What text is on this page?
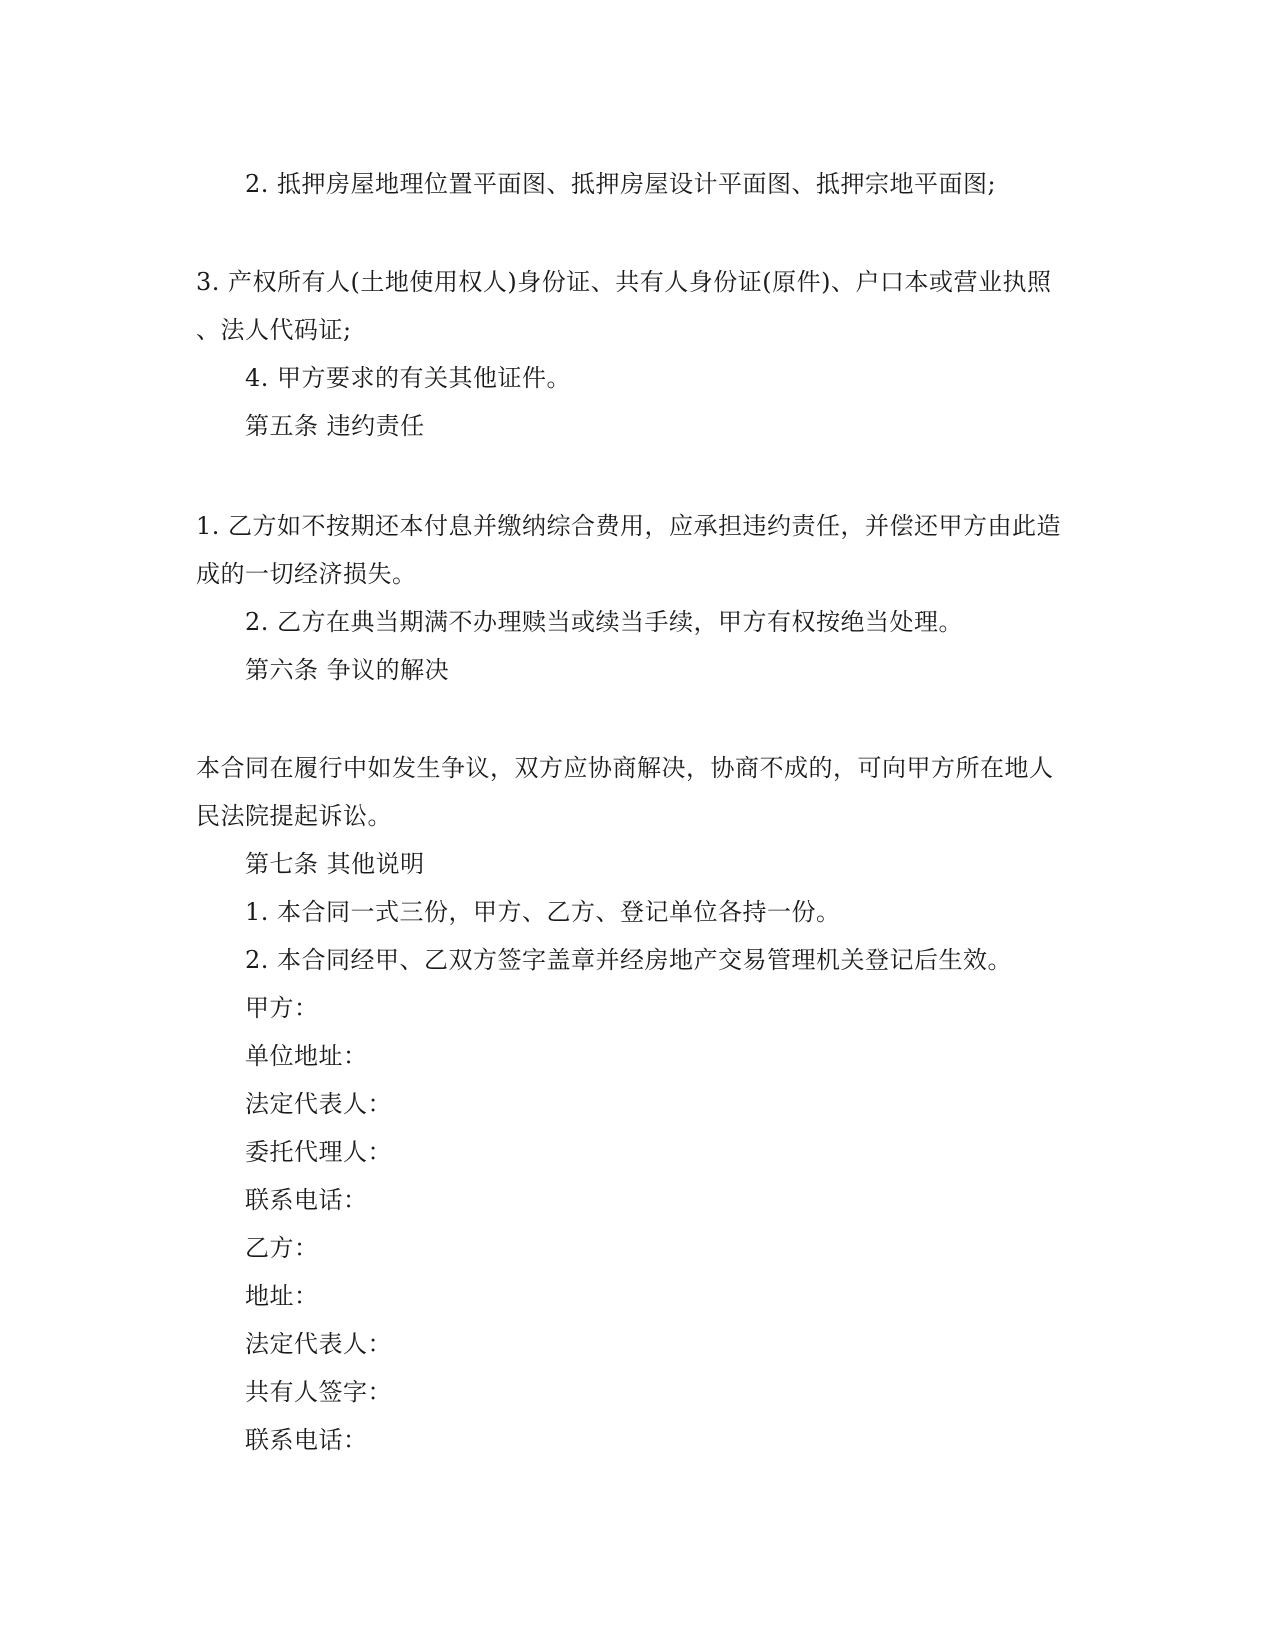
2. 抵押房屋地理位置平面图、抵押房屋设计平面图、抵押宗地平面图;
3. 产权所有人(土地使用权人)身份证、共有人身份证(原件)、户口本或营业执照
、法人代码证;
4. 甲方要求的有关其他证件。
第五条 违约责任
1. 乙方如不按期还本付息并缴纳综合费用，应承担违约责任，并偿还甲方由此造
成的一切经济损失。
2. 乙方在典当期满不办理赎当或续当手续，甲方有权按绝当处理。
第六条 争议的解决
本合同在履行中如发生争议，双方应协商解决，协商不成的，可向甲方所在地人
民法院提起诉讼。
第七条 其他说明
1. 本合同一式三份，甲方、乙方、登记单位各持一份。
2. 本合同经甲、乙双方签字盖章并经房地产交易管理机关登记后生效。
甲方：
单位地址：
法定代表人：
委托代理人：
联系电话：
乙方：
地址：
法定代表人：
共有人签字：
联系电话：
